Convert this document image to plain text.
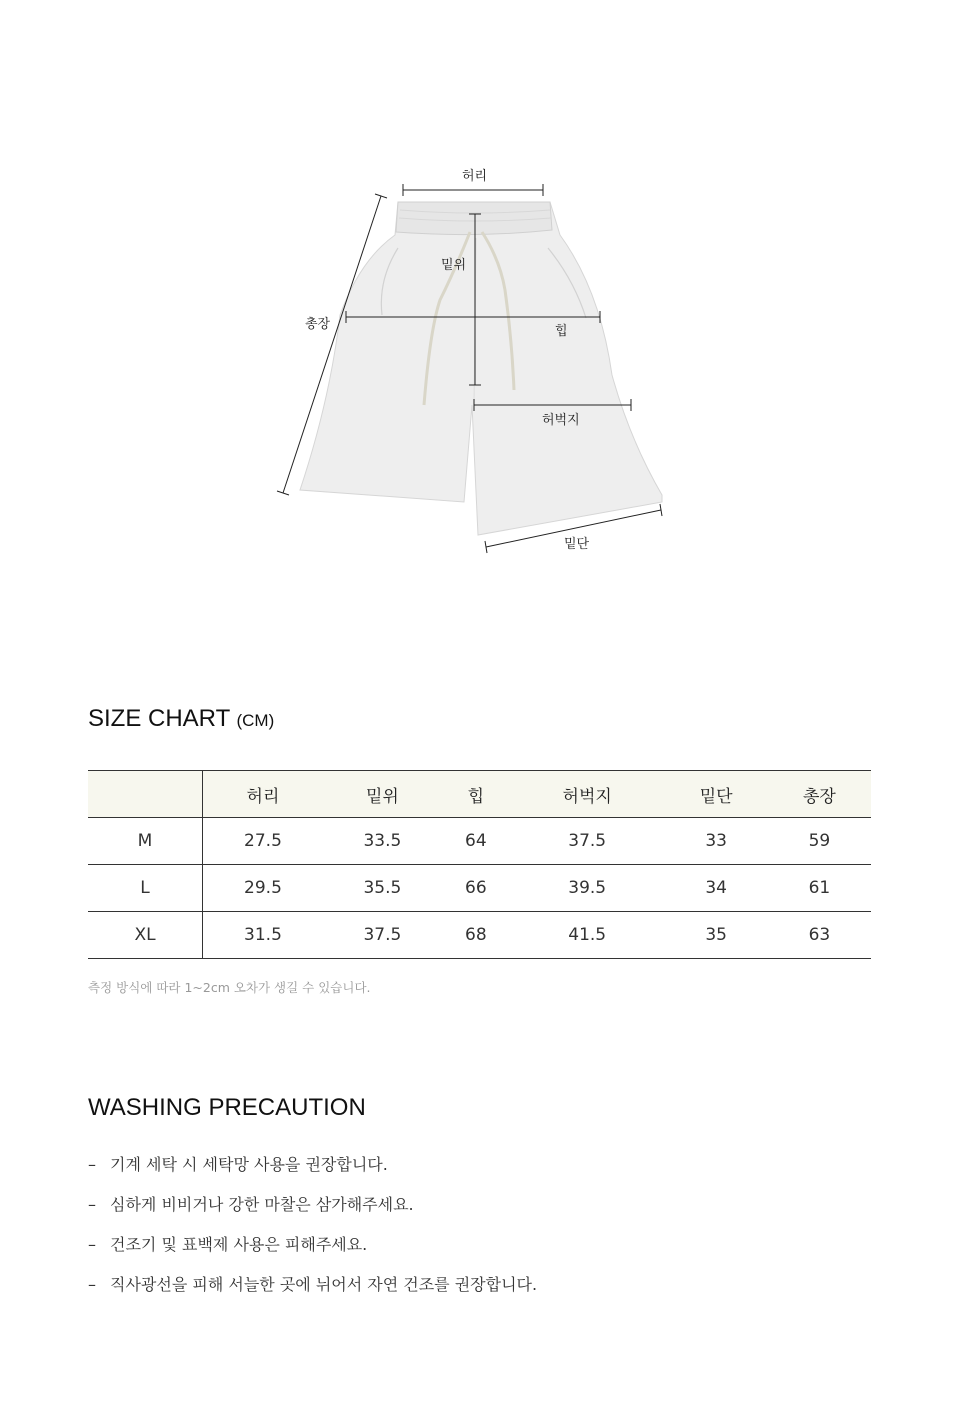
허리
밑위
총장	힙
허벅지
밑단
SIZE CHART (CM)
	허리	밑위	힙	허벅지	밑단	총장
M	27.5	33.5	64	37.5	33	59
L	29.5	35.5	66	39.5	34	61
XL	31.5	37.5	68	41.5	35	63
측정 방식에 따라 1~2cm 오차가 생길 수 있습니다.
WASHING PRECAUTION
– 기계 세탁 시 세탁망 사용을 권장합니다.
– 심하게 비비거나 강한 마찰은 삼가해주세요.
– 건조기 및 표백제 사용은 피해주세요.
– 직사광선을 피해 서늘한 곳에 뉘어서 자연 건조를 권장합니다.
